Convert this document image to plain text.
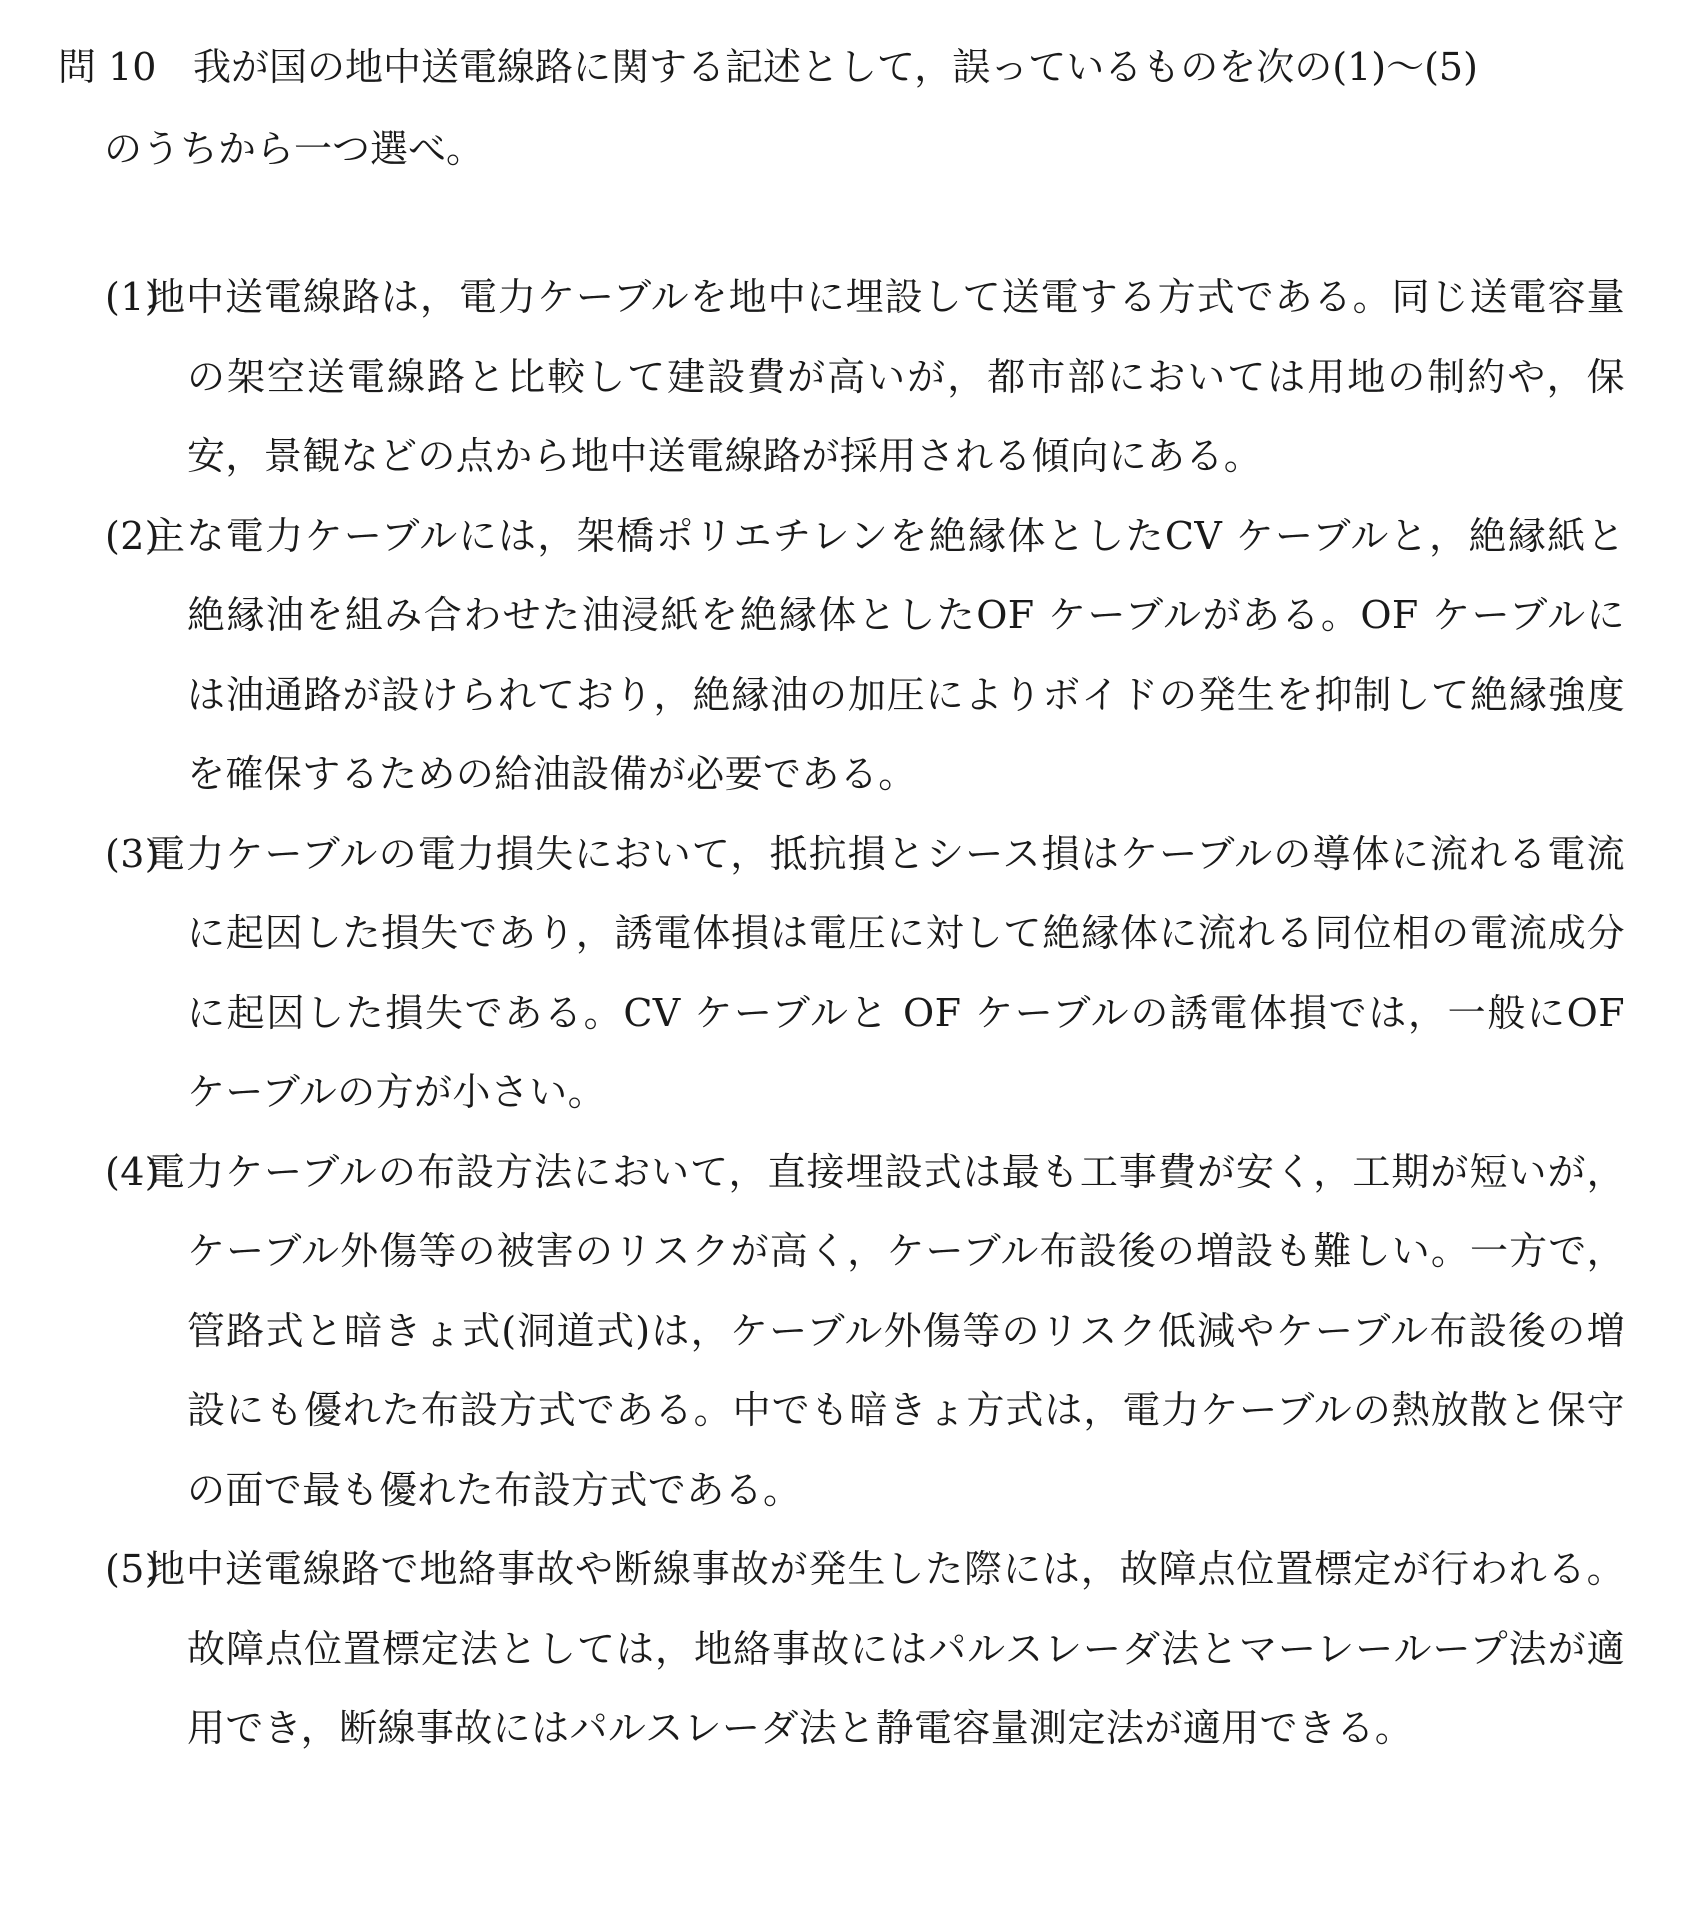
問 10 我が国の地中送電線路に関する記述として，誤っているものを次の(1)～(5)
のうちから一つ選べ。
(1)
地中送電線路は，電力ケーブルを地中に埋設して送電する方式である。同じ送電容量の架空送電線路と比較して建設費が高いが，都市部においては用地の制約や，保安，景観などの点から地中送電線路が採用される傾向にある。
(2)
主な電力ケーブルには，架橋ポリエチレンを絶縁体としたCV ケーブルと，絶縁紙と絶縁油を組み合わせた油浸紙を絶縁体としたOF ケーブルがある。OF ケーブルには油通路が設けられており，絶縁油の加圧によりボイドの発生を抑制して絶縁強度を確保するための給油設備が必要である。
(3)
電力ケーブルの電力損失において，抵抗損とシース損はケーブルの導体に流れる電流に起因した損失であり，誘電体損は電圧に対して絶縁体に流れる同位相の電流成分に起因した損失である。CV ケーブルと OF ケーブルの誘電体損では，一般にOF ケーブルの方が小さい。
(4)
電力ケーブルの布設方法において，直接埋設式は最も工事費が安く，工期が短いが，ケーブル外傷等の被害のリスクが高く，ケーブル布設後の増設も難しい。一方で，管路式と暗きょ式(洞道式)は，ケーブル外傷等のリスク低減やケーブル布設後の増設にも優れた布設方式である。中でも暗きょ方式は，電力ケーブルの熱放散と保守の面で最も優れた布設方式である。
(5)
地中送電線路で地絡事故や断線事故が発生した際には，故障点位置標定が行われる。故障点位置標定法としては，地絡事故にはパルスレーダ法とマーレーループ法が適用でき，断線事故にはパルスレーダ法と静電容量測定法が適用できる。
